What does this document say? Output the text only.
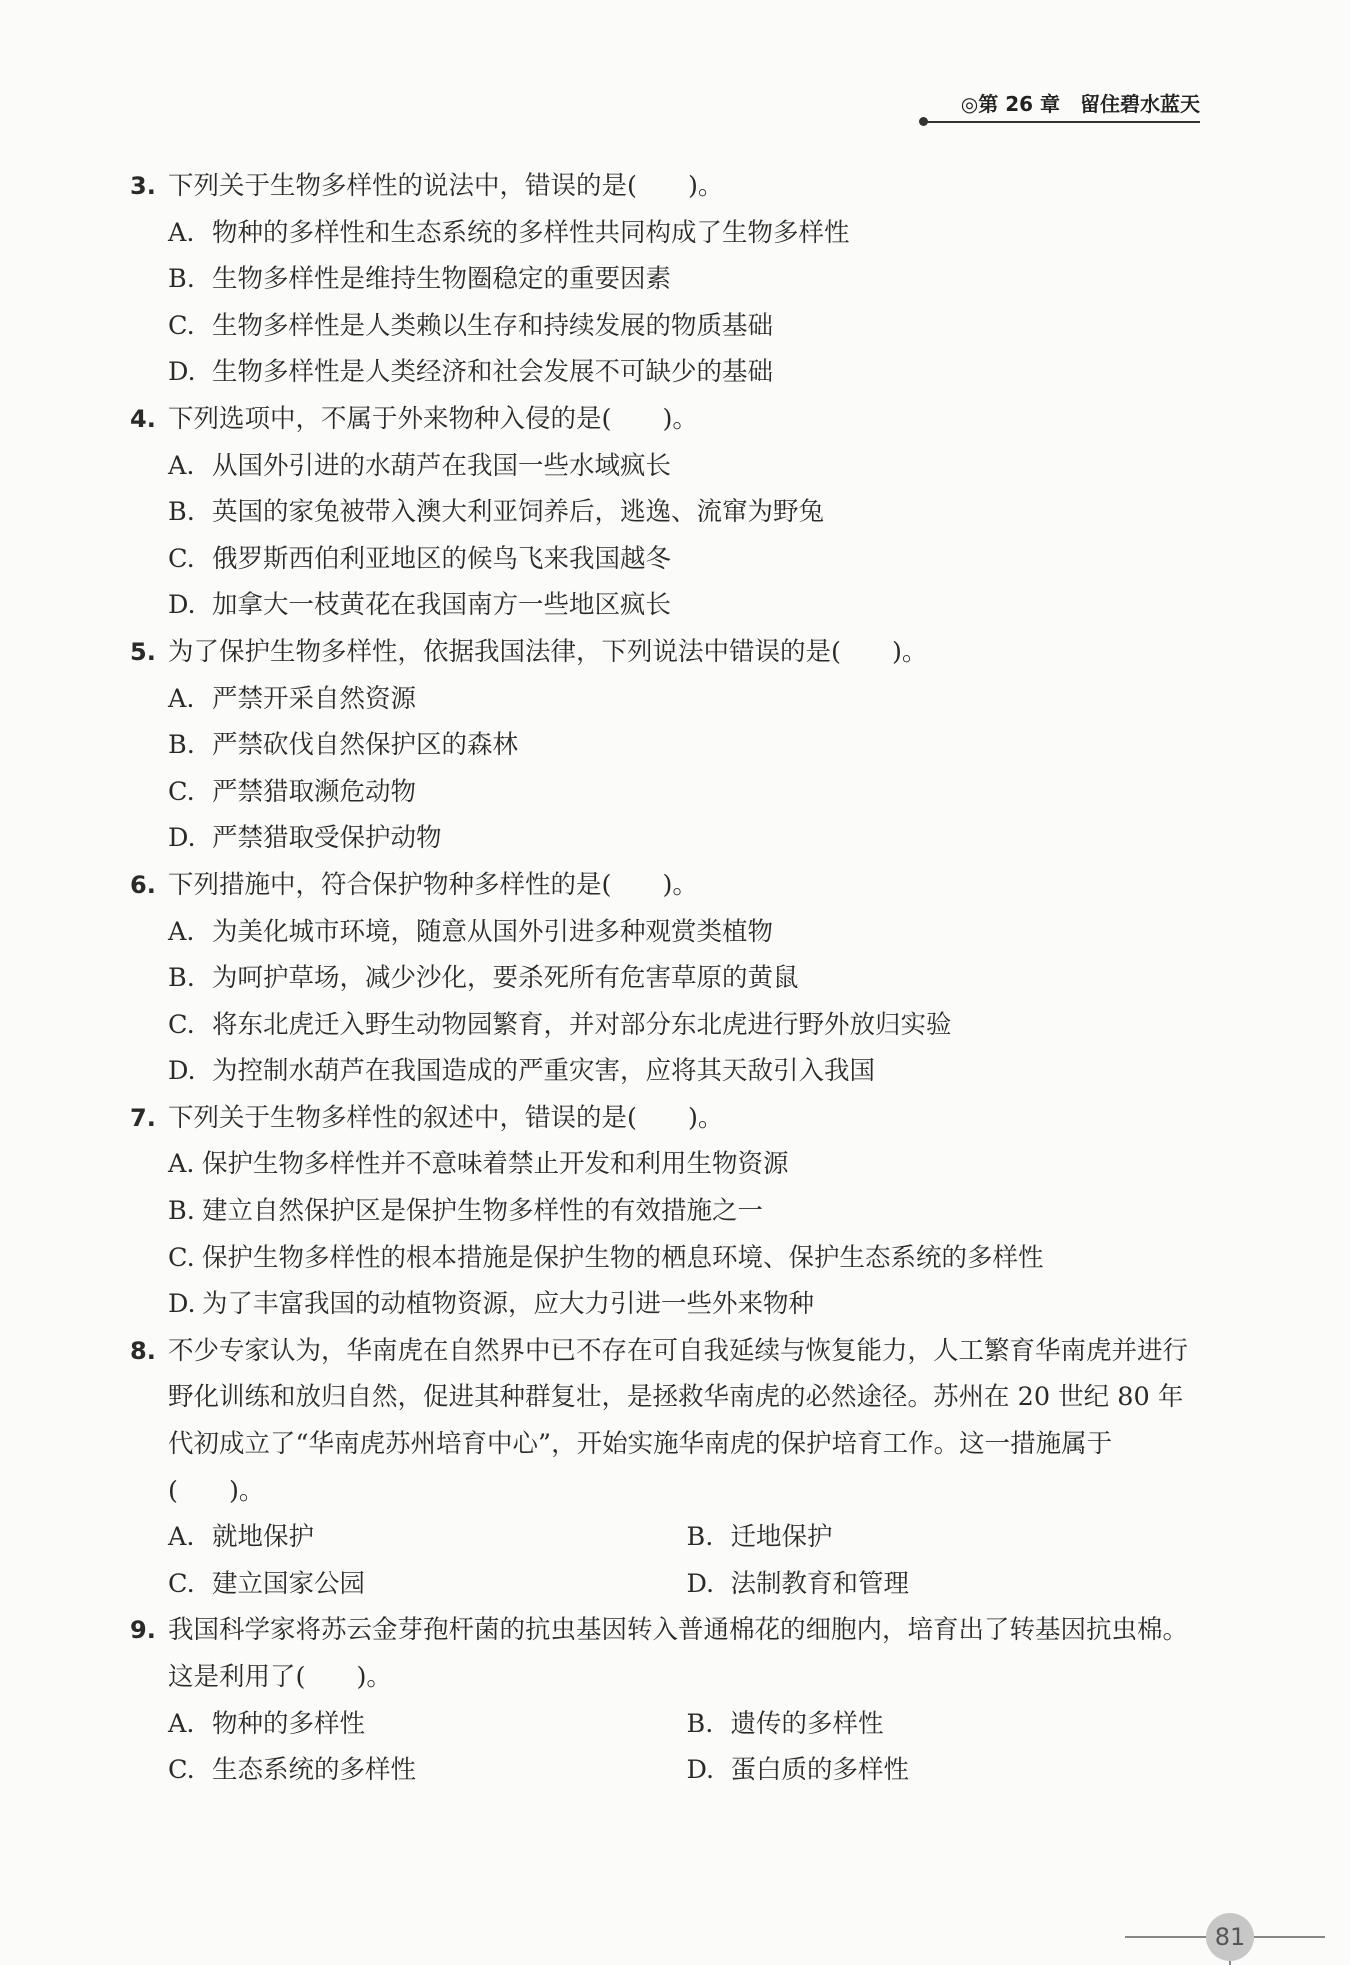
◎第 26 章　留住碧水蓝天
3. 下列关于生物多样性的说法中，错误的是(　　)。
A. 物种的多样性和生态系统的多样性共同构成了生物多样性
B. 生物多样性是维持生物圈稳定的重要因素
C. 生物多样性是人类赖以生存和持续发展的物质基础
D. 生物多样性是人类经济和社会发展不可缺少的基础
4. 下列选项中，不属于外来物种入侵的是(　　)。
A. 从国外引进的水葫芦在我国一些水域疯长
B. 英国的家兔被带入澳大利亚饲养后，逃逸、流窜为野兔
C. 俄罗斯西伯利亚地区的候鸟飞来我国越冬
D. 加拿大一枝黄花在我国南方一些地区疯长
5. 为了保护生物多样性，依据我国法律，下列说法中错误的是(　　)。
A. 严禁开采自然资源
B. 严禁砍伐自然保护区的森林
C. 严禁猎取濒危动物
D. 严禁猎取受保护动物
6. 下列措施中，符合保护物种多样性的是(　　)。
A. 为美化城市环境，随意从国外引进多种观赏类植物
B. 为呵护草场，减少沙化，要杀死所有危害草原的黄鼠
C. 将东北虎迁入野生动物园繁育，并对部分东北虎进行野外放归实验
D. 为控制水葫芦在我国造成的严重灾害，应将其天敌引入我国
7. 下列关于生物多样性的叙述中，错误的是(　　)。
A. 保护生物多样性并不意味着禁止开发和利用生物资源
B. 建立自然保护区是保护生物多样性的有效措施之一
C. 保护生物多样性的根本措施是保护生物的栖息环境、保护生态系统的多样性
D. 为了丰富我国的动植物资源，应大力引进一些外来物种
8. 不少专家认为，华南虎在自然界中已不存在可自我延续与恢复能力，人工繁育华南虎并进行野化训练和放归自然，促进其种群复壮，是拯救华南虎的必然途径。苏州在 20 世纪 80 年代初成立了“华南虎苏州培育中心”，开始实施华南虎的保护培育工作。这一措施属于(　　)。
A. 就地保护	B. 迁地保护
C. 建立国家公园	D. 法制教育和管理
9. 我国科学家将苏云金芽孢杆菌的抗虫基因转入普通棉花的细胞内，培育出了转基因抗虫棉。这是利用了(　　)。
A. 物种的多样性	B. 遗传的多样性
C. 生态系统的多样性	D. 蛋白质的多样性
81
